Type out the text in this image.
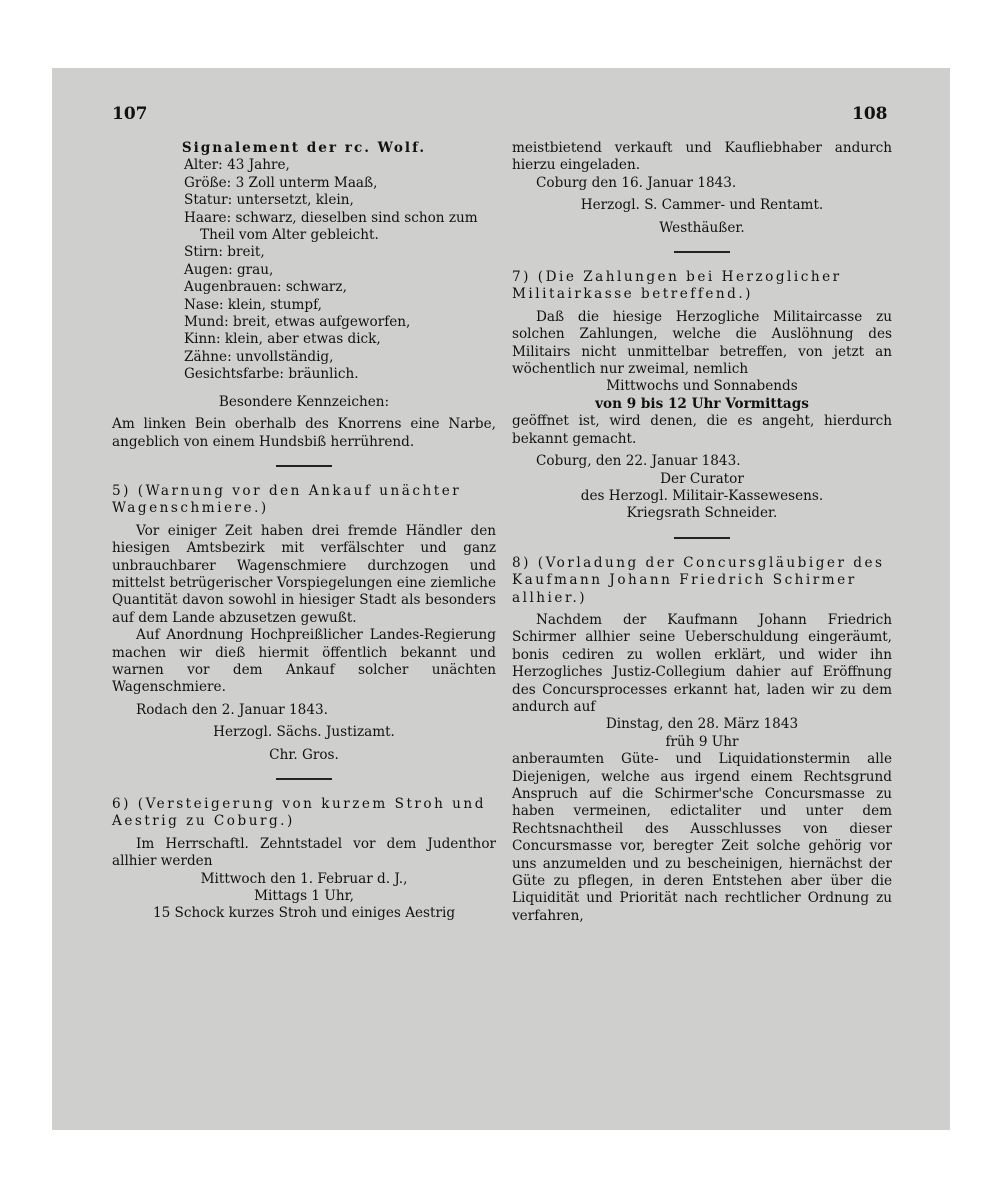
107	108

Signalement der rc. Wolf.

Alter: 43 Jahre,

Größe: 3 Zoll unterm Maaß,

Statur: untersetzt, klein,

Haare: schwarz, dieselben sind schon zum

Theil vom Alter gebleicht.

Stirn: breit,

Augen: grau,

Augenbrauen: schwarz,

Nase: klein, stumpf,

Mund: breit, etwas aufgeworfen,

Kinn: klein, aber etwas dick,

Zähne: unvollständig,

Gesichtsfarbe: bräunlich.

Besondere Kennzeichen:

Am linken Bein oberhalb des Knorrens eine Narbe, angeblich von einem Hundsbiß herrührend.

5) (Warnung vor den Ankauf unächter Wagenschmiere.)

Vor einiger Zeit haben drei fremde Händler den hiesigen Amtsbezirk mit verfälschter und ganz unbrauchbarer Wagenschmiere durchzogen und mittelst betrügerischer Vorspiegelungen eine ziemliche Quantität davon sowohl in hiesiger Stadt als besonders auf dem Lande abzusetzen gewußt.

Auf Anordnung Hochpreißlicher Landes-Regierung machen wir dieß hiermit öffentlich bekannt und warnen vor dem Ankauf solcher unächten Wagenschmiere.

Rodach den 2. Januar 1843.

Herzogl. Sächs. Justizamt.

Chr. Gros.

6) (Versteigerung von kurzem Stroh und Aestrig zu Coburg.)

Im Herrschaftl. Zehntstadel vor dem Judenthor allhier werden

Mittwoch den 1. Februar d. J.,

Mittags 1 Uhr,

15 Schock kurzes Stroh und einiges Aestrig

meistbietend verkauft und Kaufliebhaber andurch hierzu eingeladen.

Coburg den 16. Januar 1843.

Herzogl. S. Cammer- und Rentamt.

Westhäußer.

7) (Die Zahlungen bei Herzoglicher Militairkasse betreffend.)

Daß die hiesige Herzogliche Militaircasse zu solchen Zahlungen, welche die Auslöhnung des Militairs nicht unmittelbar betreffen, von jetzt an wöchentlich nur zweimal, nemlich

Mittwochs und Sonnabends

von 9 bis 12 Uhr Vormittags

geöffnet ist, wird denen, die es angeht, hierdurch bekannt gemacht.

Coburg, den 22. Januar 1843.

Der Curator

des Herzogl. Militair-Kassewesens.

Kriegsrath Schneider.

8) (Vorladung der Concursgläubiger des Kaufmann Johann Friedrich Schirmer allhier.)

Nachdem der Kaufmann Johann Friedrich Schirmer allhier seine Ueberschuldung eingeräumt, bonis cediren zu wollen erklärt, und wider ihn Herzogliches Justiz-Collegium dahier auf Eröffnung des Concursprocesses erkannt hat, laden wir zu dem andurch auf

Dinstag, den 28. März 1843

früh 9 Uhr

anberaumten Güte- und Liquidationstermin alle Diejenigen, welche aus irgend einem Rechtsgrund Anspruch auf die Schirmer'sche Concursmasse zu haben vermeinen, edictaliter und unter dem Rechtsnachtheil des Ausschlusses von dieser Concursmasse vor, beregter Zeit solche gehörig vor uns anzumelden und zu bescheinigen, hiernächst der Güte zu pflegen, in deren Entstehen aber über die Liquidität und Priorität nach rechtlicher Ordnung zu verfahren,
